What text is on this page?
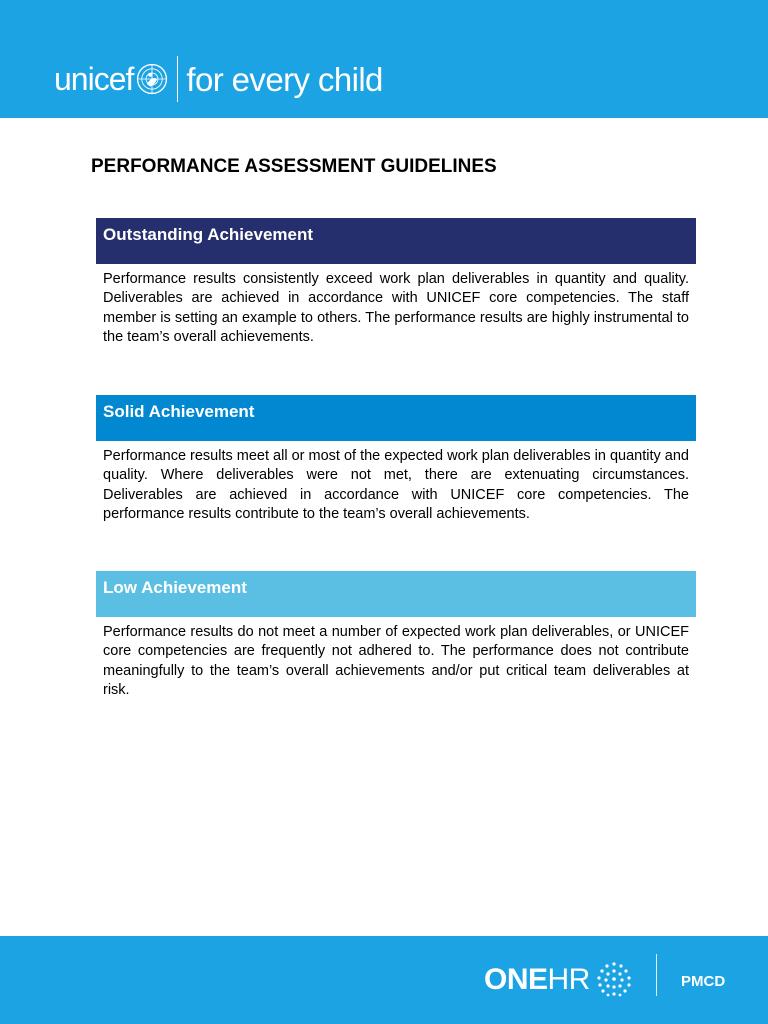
unicef for every child
PERFORMANCE ASSESSMENT GUIDELINES
Outstanding Achievement

Performance results consistently exceed work plan deliverables in quantity and quality. Deliverables are achieved in accordance with UNICEF core competencies. The staff member is setting an example to others. The performance results are highly instrumental to the team’s overall achievements.

Solid Achievement

Performance results meet all or most of the expected work plan deliverables in quantity and quality. Where deliverables were not met, there are extenuating circumstances. Deliverables are achieved in accordance with UNICEF core competencies. The performance results contribute to the team’s overall achievements.

Low Achievement

Performance results do not meet a number of expected work plan deliverables, or UNICEF core competencies are frequently not adhered to. The performance does not contribute meaningfully to the team’s overall achievements and/or put critical team deliverables at risk.

ONE HR	PMCD
